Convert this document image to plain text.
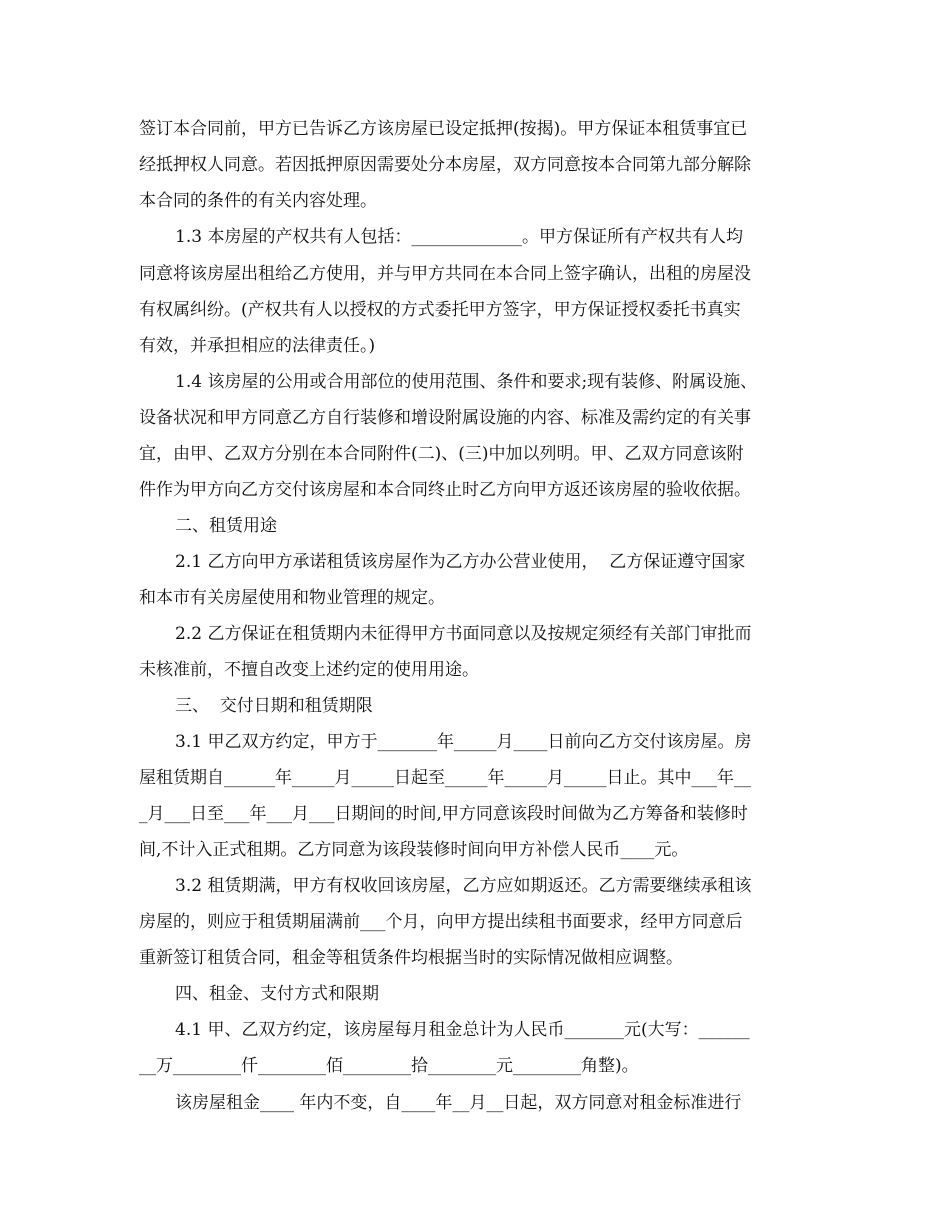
签订本合同前，甲方已告诉乙方该房屋已设定抵押(按揭)。甲方保证本租赁事宜已
经抵押权人同意。若因抵押原因需要处分本房屋，双方同意按本合同第九部分解除
本合同的条件的有关内容处理。
1.3 本房屋的产权共有人包括：_____________。甲方保证所有产权共有人均
同意将该房屋出租给乙方使用，并与甲方共同在本合同上签字确认，出租的房屋没
有权属纠纷。(产权共有人以授权的方式委托甲方签字，甲方保证授权委托书真实
有效，并承担相应的法律责任。)
1.4 该房屋的公用或合用部位的使用范围、条件和要求;现有装修、附属设施、
设备状况和甲方同意乙方自行装修和增设附属设施的内容、标准及需约定的有关事
宜，由甲、乙双方分别在本合同附件(二)、(三)中加以列明。甲、乙双方同意该附
件作为甲方向乙方交付该房屋和本合同终止时乙方向甲方返还该房屋的验收依据。
二、租赁用途
2.1 乙方向甲方承诺租赁该房屋作为乙方办公营业使用，  乙方保证遵守国家
和本市有关房屋使用和物业管理的规定。
2.2 乙方保证在租赁期内未征得甲方书面同意以及按规定须经有关部门审批而
未核准前，不擅自改变上述约定的使用用途。
三、  交付日期和租赁期限
3.1 甲乙双方约定，甲方于_______年_____月____日前向乙方交付该房屋。房
屋租赁期自______年_____月_____日起至_____年_____月_____日止。其中___年__
_月___日至___年___月___日期间的时间,甲方同意该段时间做为乙方筹备和装修时
间,不计入正式租期。乙方同意为该段装修时间向甲方补偿人民币____元。
3.2 租赁期满，甲方有权收回该房屋，乙方应如期返还。乙方需要继续承租该
房屋的，则应于租赁期届满前___个月，向甲方提出续租书面要求，经甲方同意后
重新签订租赁合同，租金等租赁条件均根据当时的实际情况做相应调整。
四、租金、支付方式和限期
4.1 甲、乙双方约定，该房屋每月租金总计为人民币_______元(大写：______
__万________仟________佰________拾________元________角整)。
该房屋租金____ 年内不变，自____年__月__日起，双方同意对租金标准进行
